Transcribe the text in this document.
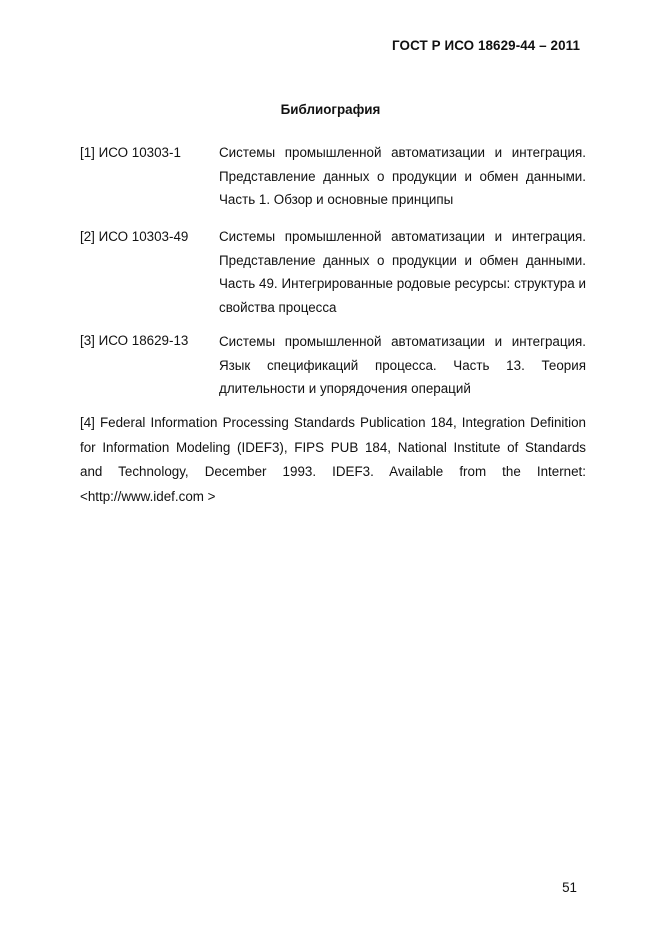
ГОСТ Р ИСО 18629-44 – 2011
Библиография
[1] ИСО 10303-1	Системы промышленной автоматизации и интеграция.
Представление данных о продукции и обмен данными.
Часть 1. Обзор и основные принципы
[2] ИСО 10303-49 Системы промышленной автоматизации и интеграция.
Представление данных о продукции и обмен данными.
Часть 49. Интегрированные родовые ресурсы: структура и
свойства процесса
[3] ИСО 18629-13 Системы промышленной автоматизации и интеграция.
Язык спецификаций процесса. Часть 13. Теория
длительности и упорядочения операций
[4] Federal Information Processing Standards Publication 184, Integration Definition
for Information Modeling (IDEF3), FIPS PUB 184, National Institute of Standards
and Technology, December 1993. IDEF3. Available from the Internet:
<http://www.idef.com >
51
